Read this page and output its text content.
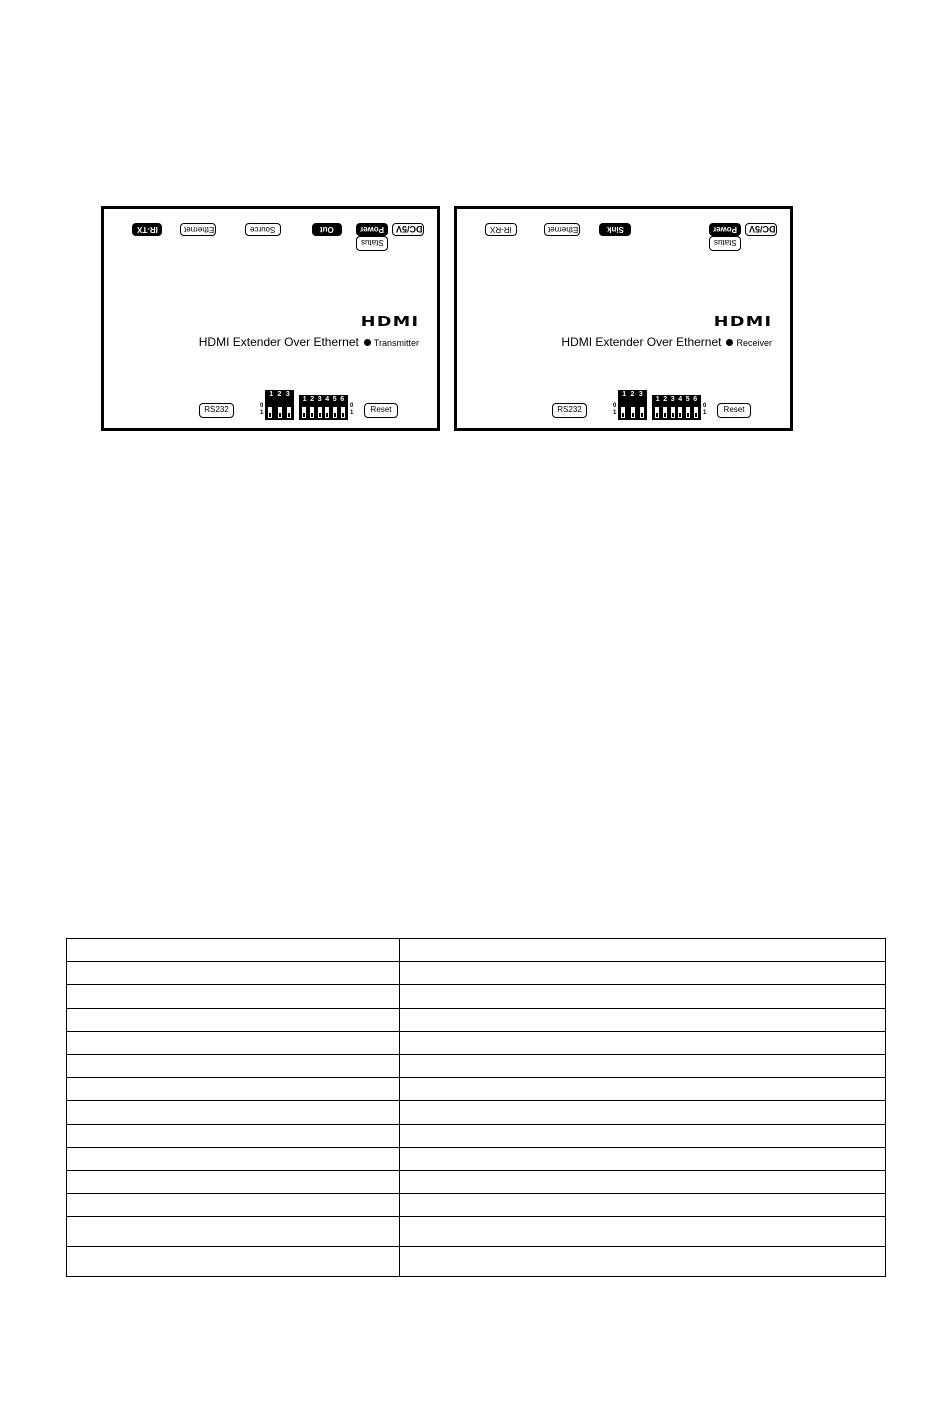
IR-TX	Ethernet	Source	Out	Power	DC/5V
Status
HDMI
HDMI Extender Over Ethernet Transmitter
RS232	0
1
1 2 3
1 2 3 4 5 6
0
1	Reset
IR-RX	Ethernet	Sink	Power	DC/5V
Status
HDMI
HDMI Extender Over Ethernet Receiver
RS232	0
1
1 2 3
1 2 3 4 5 6
0
1	Reset
